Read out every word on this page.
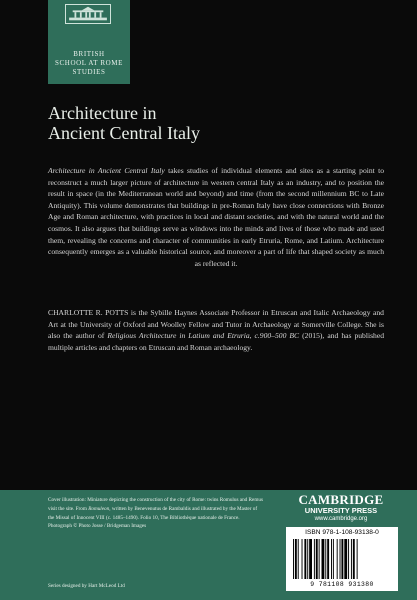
BRITISH
SCHOOL AT ROME
STUDIES
Architecture in
Ancient Central Italy
Architecture in Ancient Central Italy takes studies of individual elements and sites as a starting point to reconstruct a much larger picture of architecture in western central Italy as an industry, and to position the result in space (in the Mediterranean world and beyond) and time (from the second millennium BC to Late Antiquity). This volume demonstrates that buildings in pre-Roman Italy have close connections with Bronze Age and Roman architecture, with practices in local and distant societies, and with the natural world and the cosmos. It also argues that buildings serve as windows into the minds and lives of those who made and used them, revealing the concerns and character of communities in early Etruria, Rome, and Latium. Architecture consequently emerges as a valuable historical source, and moreover a part of life that shaped society as much as reflected it.
CHARLOTTE R. POTTS is the Sybille Haynes Associate Professor in Etruscan and Italic Archaeology and Art at the University of Oxford and Woolley Fellow and Tutor in Archaeology at Somerville College. She is also the author of Religious Architecture in Latium and Etruria, c.900–500 BC (2015), and has published multiple articles and chapters on Etruscan and Roman archaeology.
Cover illustration: Miniature depicting the construction of the city of Rome: twins Romulus and Remus visit the site. From Romuleon, written by Benevenutus de Rambaldis and illustrated by the Master of the Missal of Innocent VIII (c. 1485–1490). Folio 10, The Bibliothèque nationale de France. Photograph © Photo Josse / Bridgeman Images
Series designed by Hart McLeod Ltd
CAMBRIDGE
UNIVERSITY PRESS
www.cambridge.org
ISBN 978-1-108-93138-0
9 781108 931380
